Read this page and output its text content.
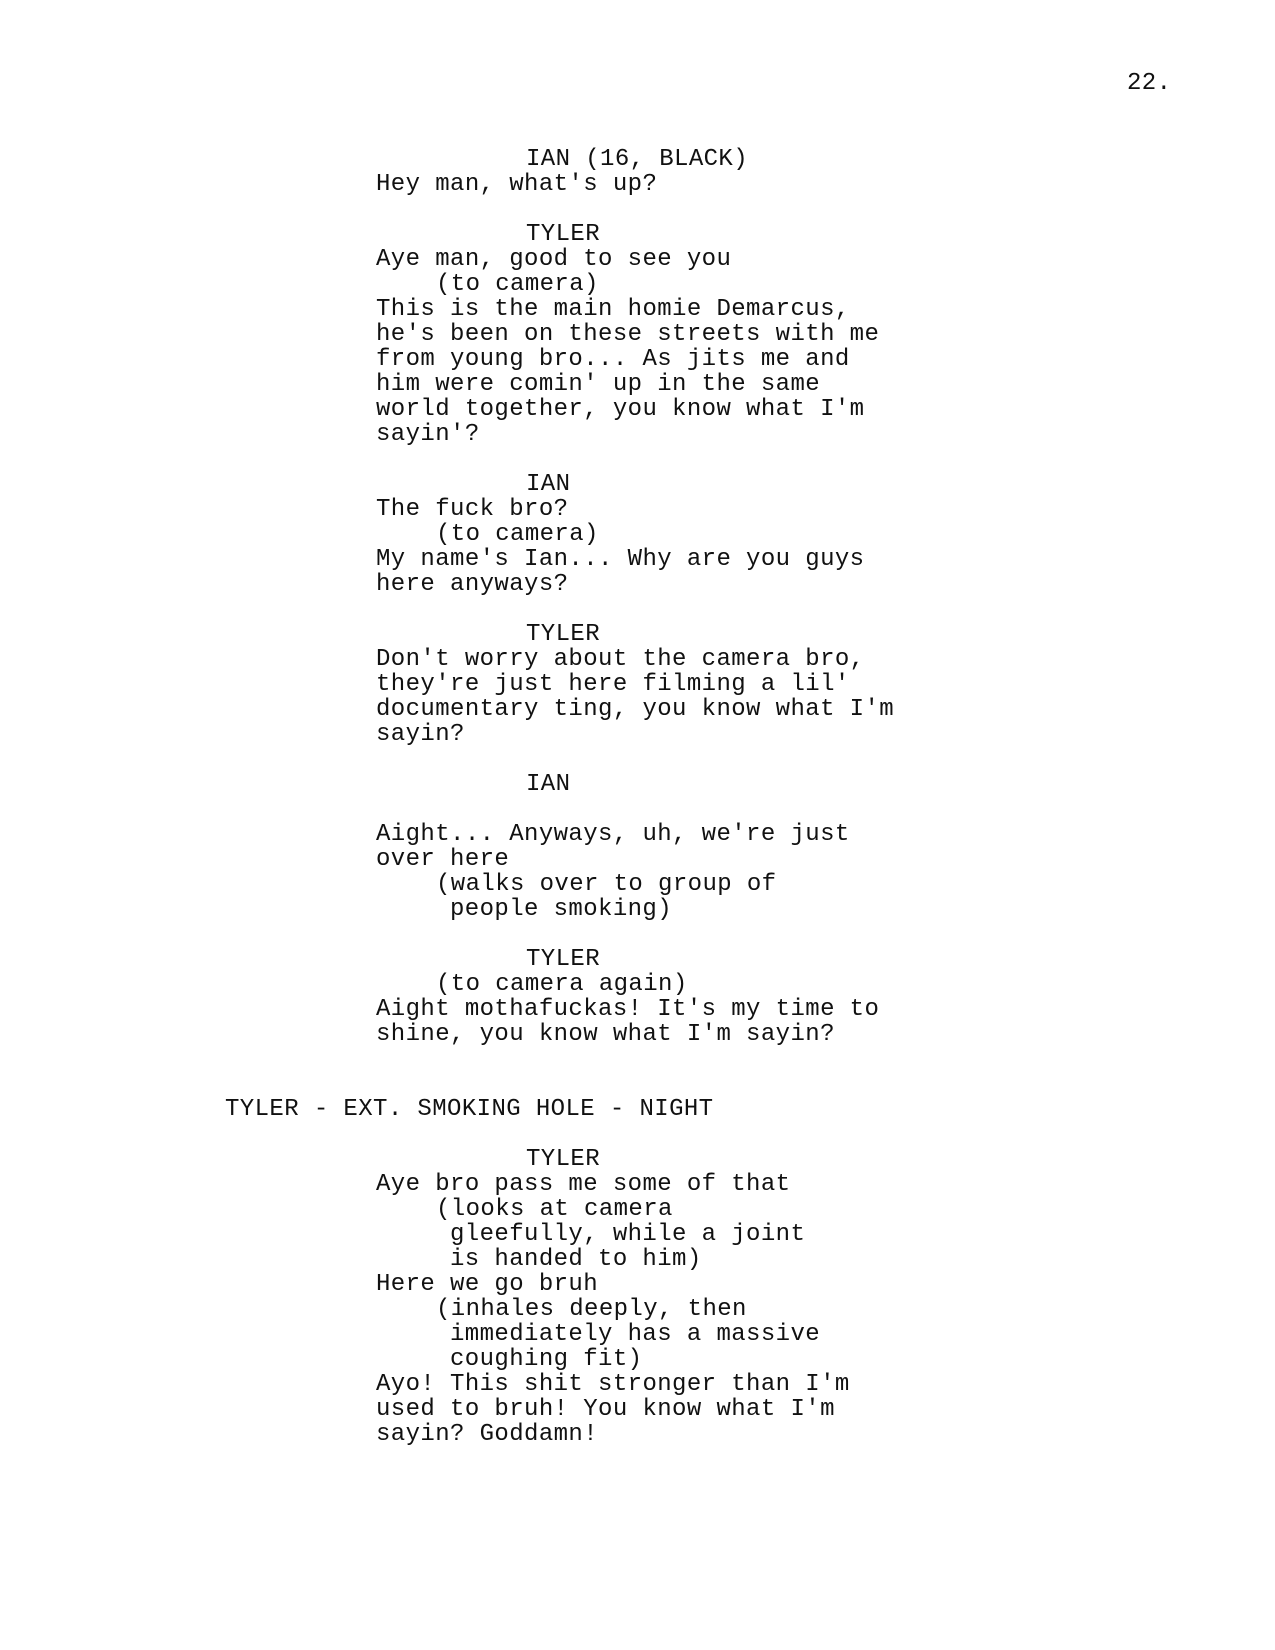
22.
IAN (16, BLACK)
Hey man, what's up?
TYLER
Aye man, good to see you
(to camera)
This is the main homie Demarcus,
he's been on these streets with me
from young bro... As jits me and
him were comin' up in the same
world together, you know what I'm
sayin'?
IAN
The fuck bro?
(to camera)
My name's Ian... Why are you guys
here anyways?
TYLER
Don't worry about the camera bro,
they're just here filming a lil'
documentary ting, you know what I'm
sayin?
IAN
Aight... Anyways, uh, we're just
over here
(walks over to group of
people smoking)
TYLER
(to camera again)
Aight mothafuckas! It's my time to
shine, you know what I'm sayin?
TYLER - EXT. SMOKING HOLE - NIGHT
TYLER
Aye bro pass me some of that
(looks at camera
gleefully, while a joint
is handed to him)
Here we go bruh
(inhales deeply, then
immediately has a massive
coughing fit)
Ayo! This shit stronger than I'm
used to bruh! You know what I'm
sayin? Goddamn!
